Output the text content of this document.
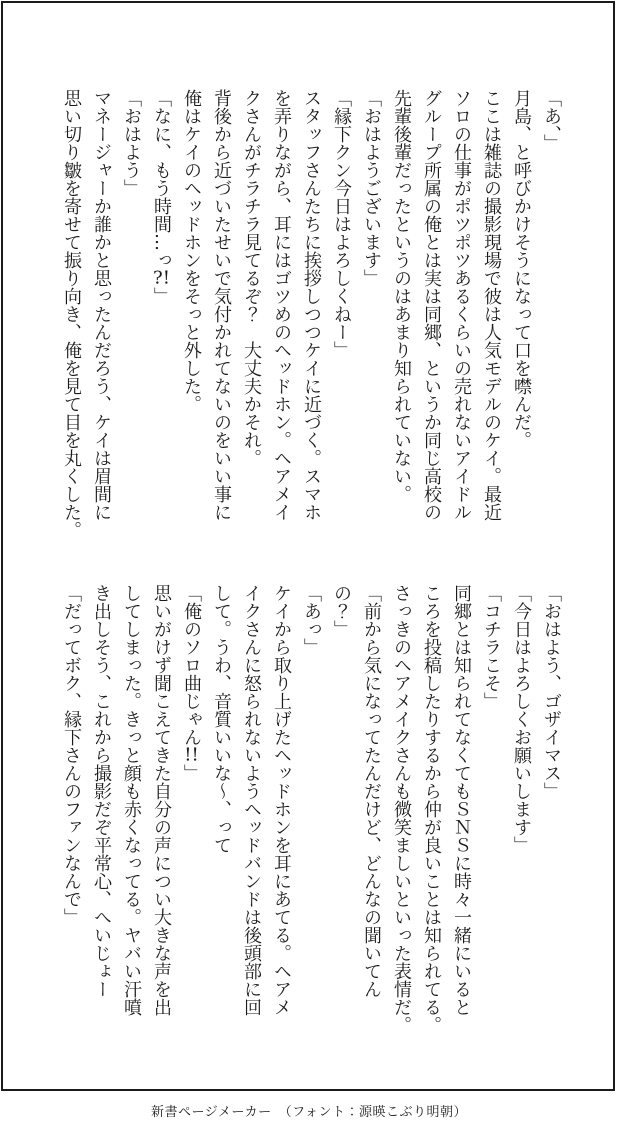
「あ、」
月島、と呼びかけそうになって口を噤んだ。
ここは雑誌の撮影現場で彼は人気モデルのケイ。最近
ソロの仕事がポツポツあるくらいの売れないアイドル
グループ所属の俺とは実は同郷、というか同じ高校の
先輩後輩だったというのはあまり知られていない。
「おはようございます」
「縁下クン今日はよろしくねー」
スタッフさんたちに挨拶しつつケイに近づく。スマホ
を弄りながら、耳にはゴツめのヘッドホン。ヘアメイ
クさんがチラチラ見てるぞ？　大丈夫かそれ。
背後から近づいたせいで気付かれてないのをいい事に
俺はケイのヘッドホンをそっと外した。
「なに、もう時間…っ?!」
「おはよう」
マネージャーか誰かと思ったんだろう、ケイは眉間に
思い切り皺を寄せて振り向き、俺を見て目を丸くした。
「おはよう、ゴザイマス」
「今日はよろしくお願いします」
「コチラこそ」
同郷とは知られてなくてもＳＮＳに時々一緒にいると
ころを投稿したりするから仲が良いことは知られてる。
さっきのヘアメイクさんも微笑ましいといった表情だ。
「前から気になってたんだけど、どんなの聞いてん
の？」
「あっ」
ケイから取り上げたヘッドホンを耳にあてる。ヘアメ
イクさんに怒られないようヘッドバンドは後頭部に回
して。うわ、音質いいな〜、って
「俺のソロ曲じゃん!!」
思いがけず聞こえてきた自分の声につい大きな声を出
してしまった。きっと顔も赤くなってる。ヤバい汗噴
き出しそう、これから撮影だぞ平常心、へいじょー
「だってボク、縁下さんのファンなんで」
新書ページメーカー　（フォント：源暎こぶり明朝）
